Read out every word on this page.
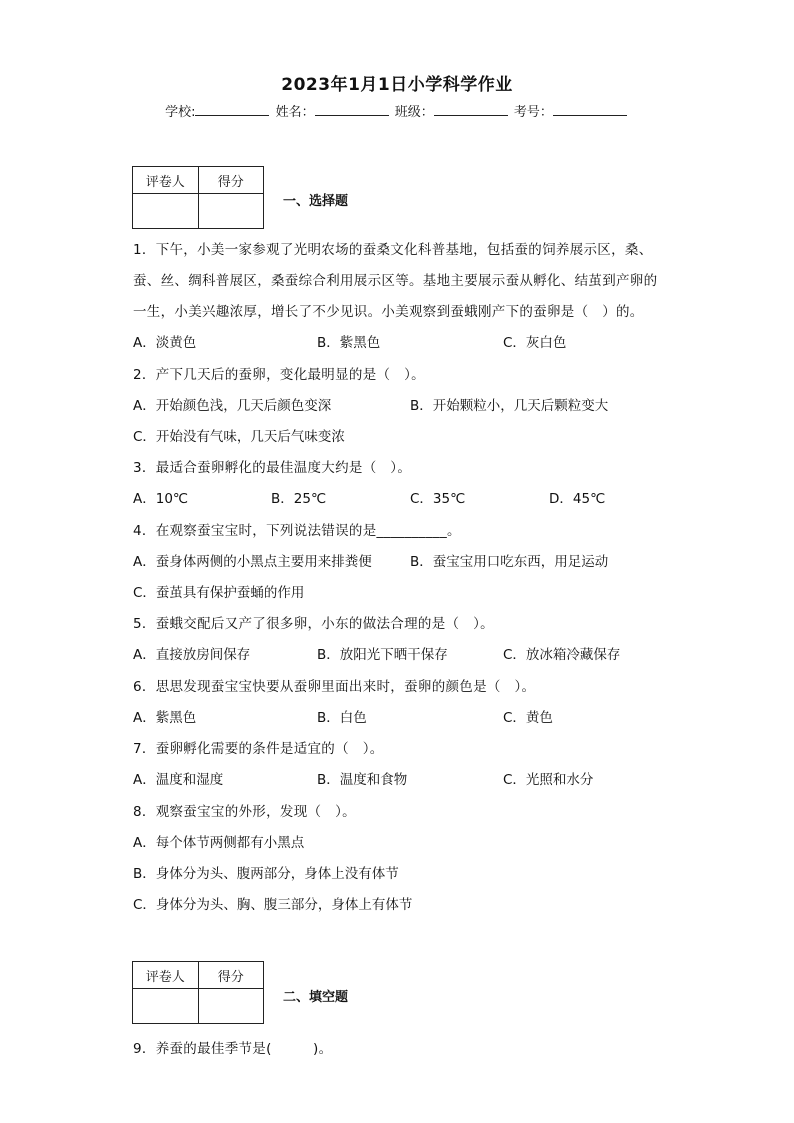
2023年1月1日小学科学作业
学校:	姓名：	班级：	考号：
评卷人	得分

一、选择题
1．下午，小美一家参观了光明农场的蚕桑文化科普基地，包括蚕的饲养展示区，桑、
蚕、丝、绸科普展区，桑蚕综合利用展示区等。基地主要展示蚕从孵化、结茧到产卵的
一生，小美兴趣浓厚，增长了不少见识。小美观察到蚕蛾刚产下的蚕卵是（　）的。
A．淡黄色	B．紫黑色	C．灰白色
2．产下几天后的蚕卵，变化最明显的是（　）。
A．开始颜色浅，几天后颜色变深	B．开始颗粒小，几天后颗粒变大
C．开始没有气味，几天后气味变浓
3．最适合蚕卵孵化的最佳温度大约是（　）。
A．10℃	B．25℃	C．35℃	D．45℃
4．在观察蚕宝宝时，下列说法错误的是__________。
A．蚕身体两侧的小黑点主要用来排粪便	B．蚕宝宝用口吃东西，用足运动
C．蚕茧具有保护蚕蛹的作用
5．蚕蛾交配后又产了很多卵，小东的做法合理的是（　）。
A．直接放房间保存	B．放阳光下晒干保存	C．放冰箱冷藏保存
6．思思发现蚕宝宝快要从蚕卵里面出来时，蚕卵的颜色是（　）。
A．紫黑色	B．白色	C．黄色
7．蚕卵孵化需要的条件是适宜的（　）。
A．温度和湿度	B．温度和食物	C．光照和水分
8．观察蚕宝宝的外形，发现（　）。
A．每个体节两侧都有小黑点
B．身体分为头、腹两部分，身体上没有体节
C．身体分为头、胸、腹三部分，身体上有体节
评卷人	得分

二、填空题
9．养蚕的最佳季节是(　　　)。
